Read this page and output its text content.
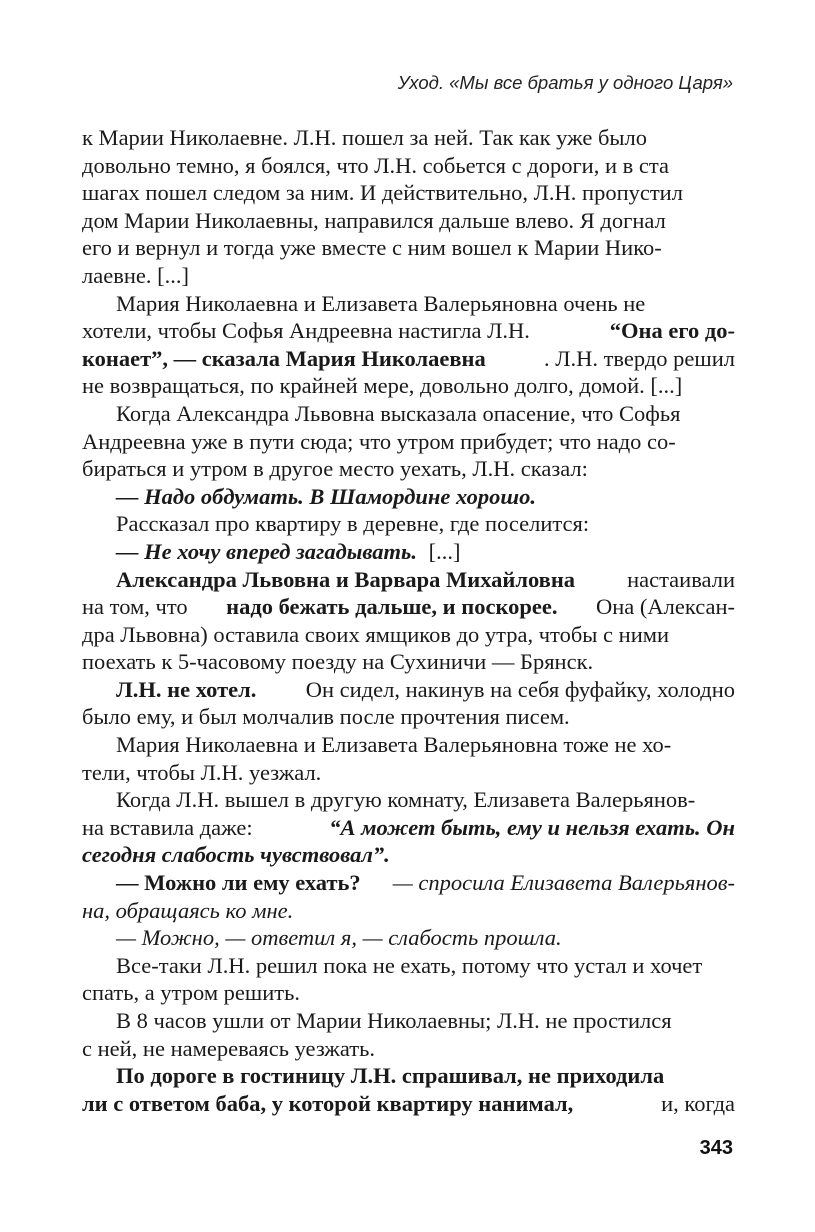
Уход. «Мы все братья у одного Царя»
к Марии Николаевне. Л.Н. пошел за ней. Так как уже было
довольно темно, я боялся, что Л.Н. собьется с дороги, и в ста
шагах пошел следом за ним. И действительно, Л.Н. пропустил
дом Марии Николаевны, направился дальше влево. Я догнал
его и вернул и тогда уже вместе с ним вошел к Марии Нико-
лаевне. [...]
Мария Николаевна и Елизавета Валерьяновна очень не
хотели, чтобы Софья Андреевна настигла Л.Н.	“Она его до-
конает”, — сказала Мария Николаевна	. Л.Н. твердо решил
не возвращаться, по крайней мере, довольно долго, домой. [...]
Когда Александра Львовна высказала опасение, что Софья
Андреевна уже в пути сюда; что утром прибудет; что надо со-
бираться и утром в другое место уехать, Л.Н. сказал:
— Надо обдумать. В Шамордине хорошо.
Рассказал про квартиру в деревне, где поселится:
— Не хочу вперед загадывать. [...]
Александра Львовна и Варвара Михайловна настаивали
на том, что надо бежать дальше, и поскорее. Она (Алексан-
дра Львовна) оставила своих ямщиков до утра, чтобы с ними
поехать к 5-часовому поезду на Сухиничи — Брянск.
Л.Н. не хотел. Он сидел, накинув на себя фуфайку, холодно
было ему, и был молчалив после прочтения писем.
Мария Николаевна и Елизавета Валерьяновна тоже не хо-
тели, чтобы Л.Н. уезжал.
Когда Л.Н. вышел в другую комнату, Елизавета Валерьянов-
на вставила даже:	“А может быть, ему и нельзя ехать. Он
сегодня слабость чувствовал”.
— Можно ли ему ехать? — спросила Елизавета Валерьянов-
на, обращаясь ко мне.
— Можно, — ответил я, — слабость прошла.
Все-таки Л.Н. решил пока не ехать, потому что устал и хочет
спать, а утром решить.
В 8 часов ушли от Марии Николаевны; Л.Н. не простился
с ней, не намереваясь уезжать.
По дороге в гостиницу Л.Н. спрашивал, не приходила
ли с ответом баба, у которой квартиру нанимал,	и, когда
343
